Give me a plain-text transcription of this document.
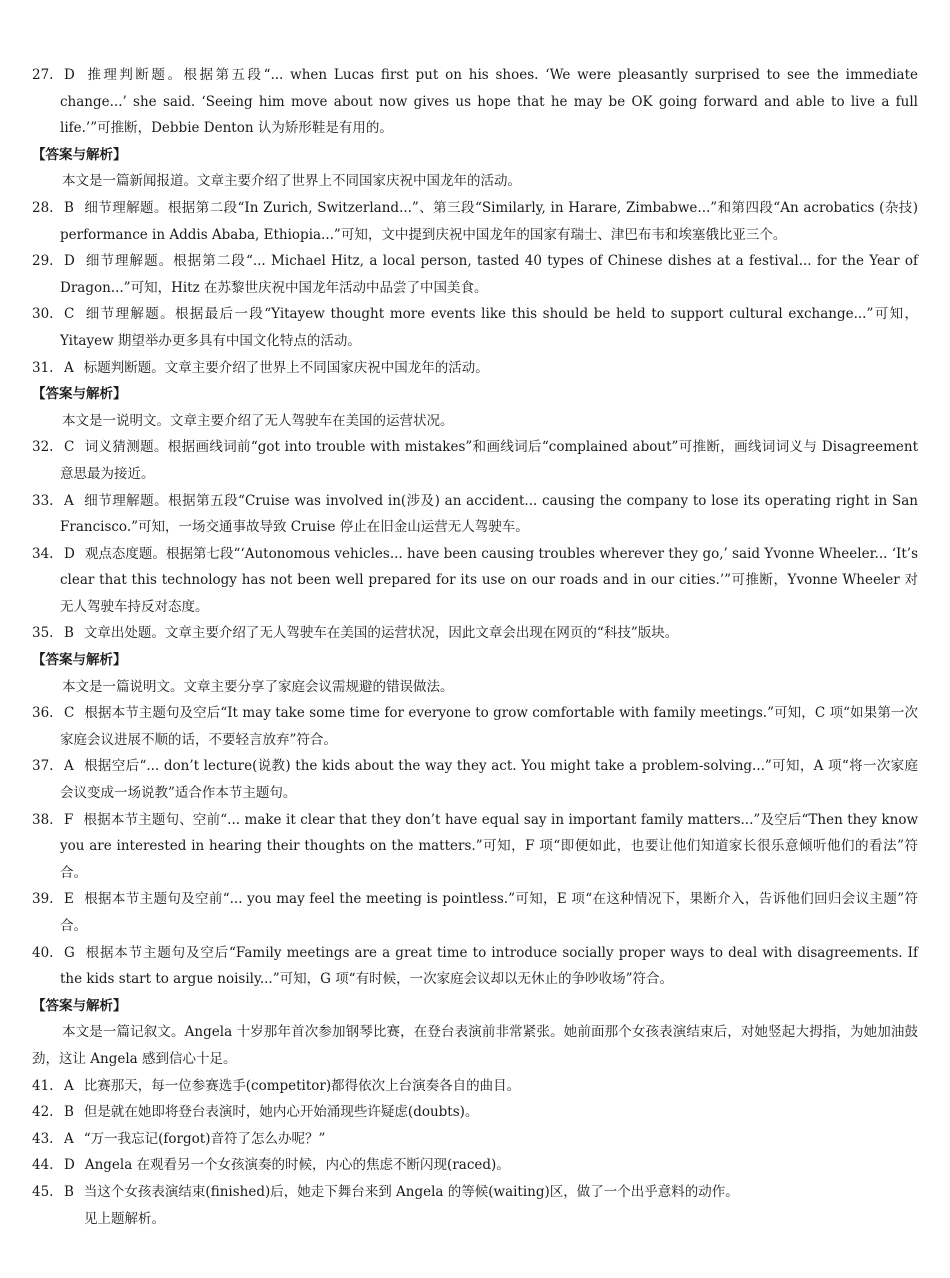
27. D 推理判断题。根据第五段“... when Lucas first put on his shoes. ‘We were pleasantly surprised to see the immediate change...’ she said. ‘Seeing him move about now gives us hope that he may be OK going forward and able to live a full life.’”可推断，Debbie Denton 认为矫形鞋是有用的。
【答案与解析】
本文是一篇新闻报道。文章主要介绍了世界上不同国家庆祝中国龙年的活动。
28. B 细节理解题。根据第二段“In Zurich, Switzerland...”、第三段“Similarly, in Harare, Zimbabwe...”和第四段“An acrobatics (杂技) performance in Addis Ababa, Ethiopia...”可知，文中提到庆祝中国龙年的国家有瑞士、津巴布韦和埃塞俄比亚三个。
29. D 细节理解题。根据第二段“... Michael Hitz, a local person, tasted 40 types of Chinese dishes at a festival... for the Year of Dragon...”可知，Hitz 在苏黎世庆祝中国龙年活动中品尝了中国美食。
30. C 细节理解题。根据最后一段“Yitayew thought more events like this should be held to support cultural exchange...”可知，Yitayew 期望举办更多具有中国文化特点的活动。
31. A 标题判断题。文章主要介绍了世界上不同国家庆祝中国龙年的活动。
【答案与解析】
本文是一说明文。文章主要介绍了无人驾驶车在美国的运营状况。
32. C 词义猜测题。根据画线词前“got into trouble with mistakes”和画线词后“complained about”可推断，画线词词义与 Disagreement 意思最为接近。
33. A 细节理解题。根据第五段“Cruise was involved in(涉及) an accident... causing the company to lose its operating right in San Francisco.”可知，一场交通事故导致 Cruise 停止在旧金山运营无人驾驶车。
34. D 观点态度题。根据第七段“‘Autonomous vehicles... have been causing troubles wherever they go,’ said Yvonne Wheeler... ‘It’s clear that this technology has not been well prepared for its use on our roads and in our cities.’”可推断，Yvonne Wheeler 对无人驾驶车持反对态度。
35. B 文章出处题。文章主要介绍了无人驾驶车在美国的运营状况，因此文章会出现在网页的“科技”版块。
【答案与解析】
本文是一篇说明文。文章主要分享了家庭会议需规避的错误做法。
36. C 根据本节主题句及空后“It may take some time for everyone to grow comfortable with family meetings.”可知，C 项“如果第一次家庭会议进展不顺的话，不要轻言放弃”符合。
37. A 根据空后“... don’t lecture(说教) the kids about the way they act. You might take a problem-solving...”可知，A 项“将一次家庭会议变成一场说教”适合作本节主题句。
38. F 根据本节主题句、空前“... make it clear that they don’t have equal say in important family matters...”及空后“Then they know you are interested in hearing their thoughts on the matters.”可知，F 项“即便如此，也要让他们知道家长很乐意倾听他们的看法”符合。
39. E 根据本节主题句及空前“... you may feel the meeting is pointless.”可知，E 项“在这种情况下，果断介入，告诉他们回归会议主题”符合。
40. G 根据本节主题句及空后“Family meetings are a great time to introduce socially proper ways to deal with disagreements. If the kids start to argue noisily...”可知，G 项“有时候，一次家庭会议却以无休止的争吵收场”符合。
【答案与解析】
本文是一篇记叙文。Angela 十岁那年首次参加钢琴比赛，在登台表演前非常紧张。她前面那个女孩表演结束后，对她竖起大拇指，为她加油鼓劲，这让 Angela 感到信心十足。
41. A 比赛那天，每一位参赛选手(competitor)都得依次上台演奏各自的曲目。
42. B 但是就在她即将登台表演时，她内心开始涌现些许疑虑(doubts)。
43. A “万一我忘记(forgot)音符了怎么办呢？”
44. D Angela 在观看另一个女孩演奏的时候，内心的焦虑不断闪现(raced)。
45. B 当这个女孩表演结束(finished)后，她走下舞台来到 Angela 的等候(waiting)区，做了一个出乎意料的动作。
见上题解析。
